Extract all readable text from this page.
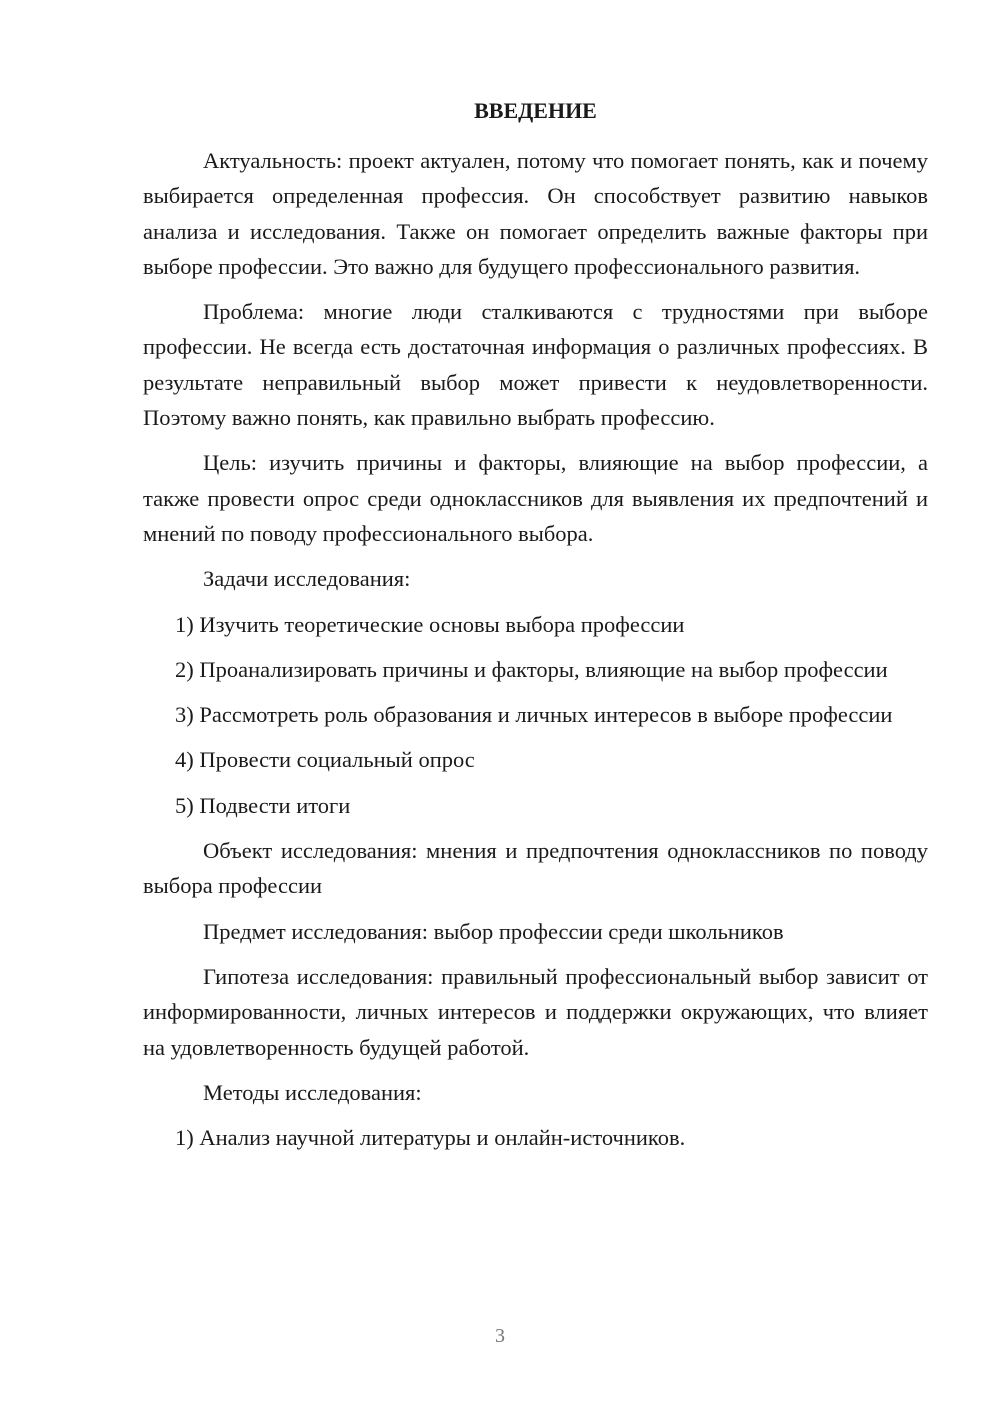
ВВЕДЕНИЕ

Актуальность: проект актуален, потому что помогает понять, как и почему выбирается определенная профессия. Он способствует развитию навыков анализа и исследования. Также он помогает определить важные факторы при выборе профессии. Это важно для будущего профессионального развития.

Проблема: многие люди сталкиваются с трудностями при выборе профессии. Не всегда есть достаточная информация о различных профессиях. В результате неправильный выбор может привести к неудовлетворенности. Поэтому важно понять, как правильно выбрать профессию.

Цель: изучить причины и факторы, влияющие на выбор профессии, а также провести опрос среди одноклассников для выявления их предпочтений и мнений по поводу профессионального выбора.

Задачи исследования:

1) Изучить теоретические основы выбора профессии

2) Проанализировать причины и факторы, влияющие на выбор профессии

3) Рассмотреть роль образования и личных интересов в выборе профессии

4) Провести социальный опрос

5) Подвести итоги

Объект исследования: мнения и предпочтения одноклассников по поводу выбора профессии

Предмет исследования: выбор профессии среди школьников

Гипотеза исследования: правильный профессиональный выбор зависит от информированности, личных интересов и поддержки окружающих, что влияет на удовлетворенность будущей работой.

Методы исследования:

1) Анализ научной литературы и онлайн-источников.

3
